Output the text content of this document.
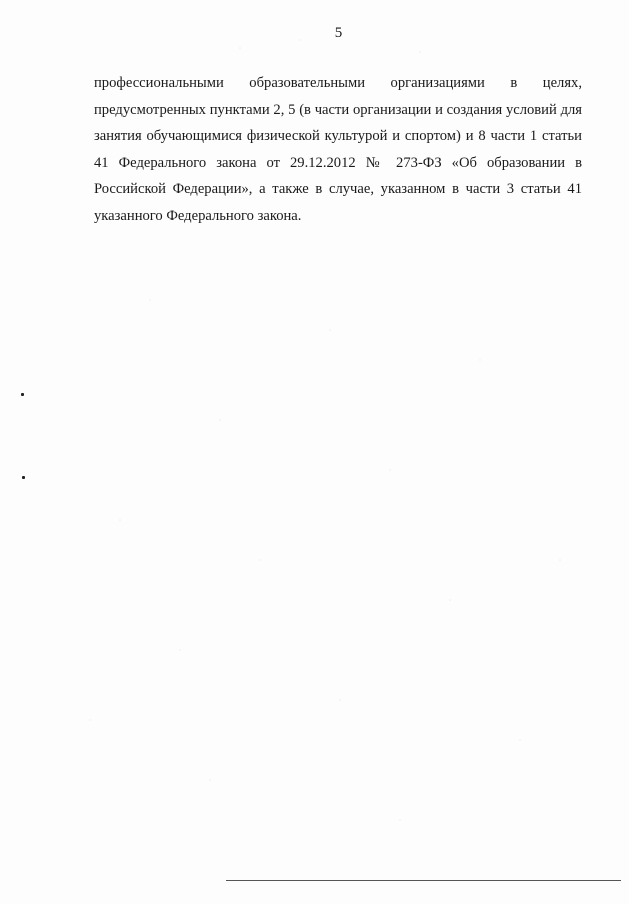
5
профессиональными образовательными организациями в целях,
предусмотренных пунктами 2, 5 (в части организации и создания условий для
занятия обучающимися физической культурой и спортом) и 8 части 1 статьи
41 Федерального закона от 29.12.2012 № 273-ФЗ «Об образовании в
Российской Федерации», а также в случае, указанном в части 3 статьи 41
указанного Федерального закона.
